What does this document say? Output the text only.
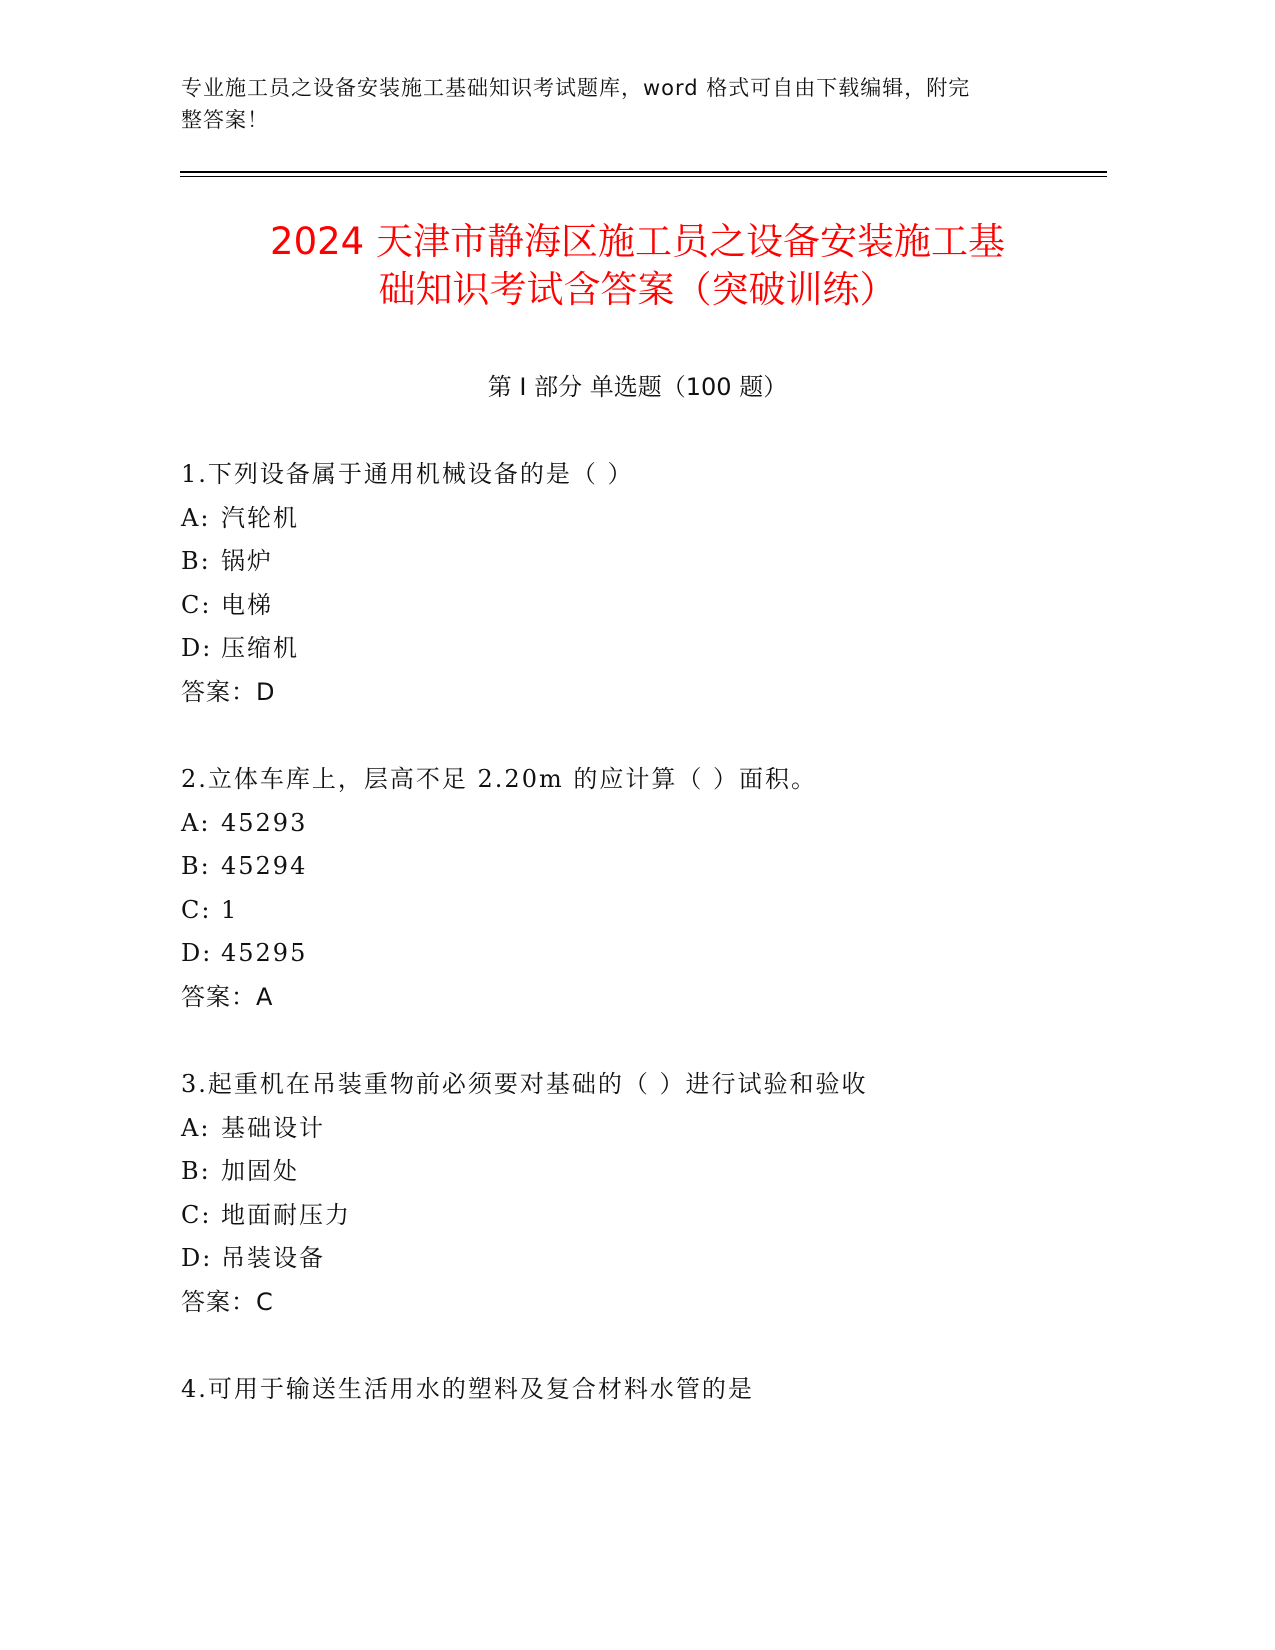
专业施工员之设备安装施工基础知识考试题库，word 格式可自由下载编辑，附完
整答案！
2024 天津市静海区施工员之设备安装施工基
础知识考试含答案（突破训练）
第 I 部分 单选题（100 题）
1.下列设备属于通用机械设备的是（ ）
A: 汽轮机
B: 锅炉
C: 电梯
D: 压缩机
答案：D
2.立体车库上，层高不足 2.20m 的应计算（ ）面积。
A: 45293
B: 45294
C: 1
D: 45295
答案：A
3.起重机在吊装重物前必须要对基础的（ ）进行试验和验收
A: 基础设计
B: 加固处
C: 地面耐压力
D: 吊装设备
答案：C
4.可用于输送生活用水的塑料及复合材料水管的是
